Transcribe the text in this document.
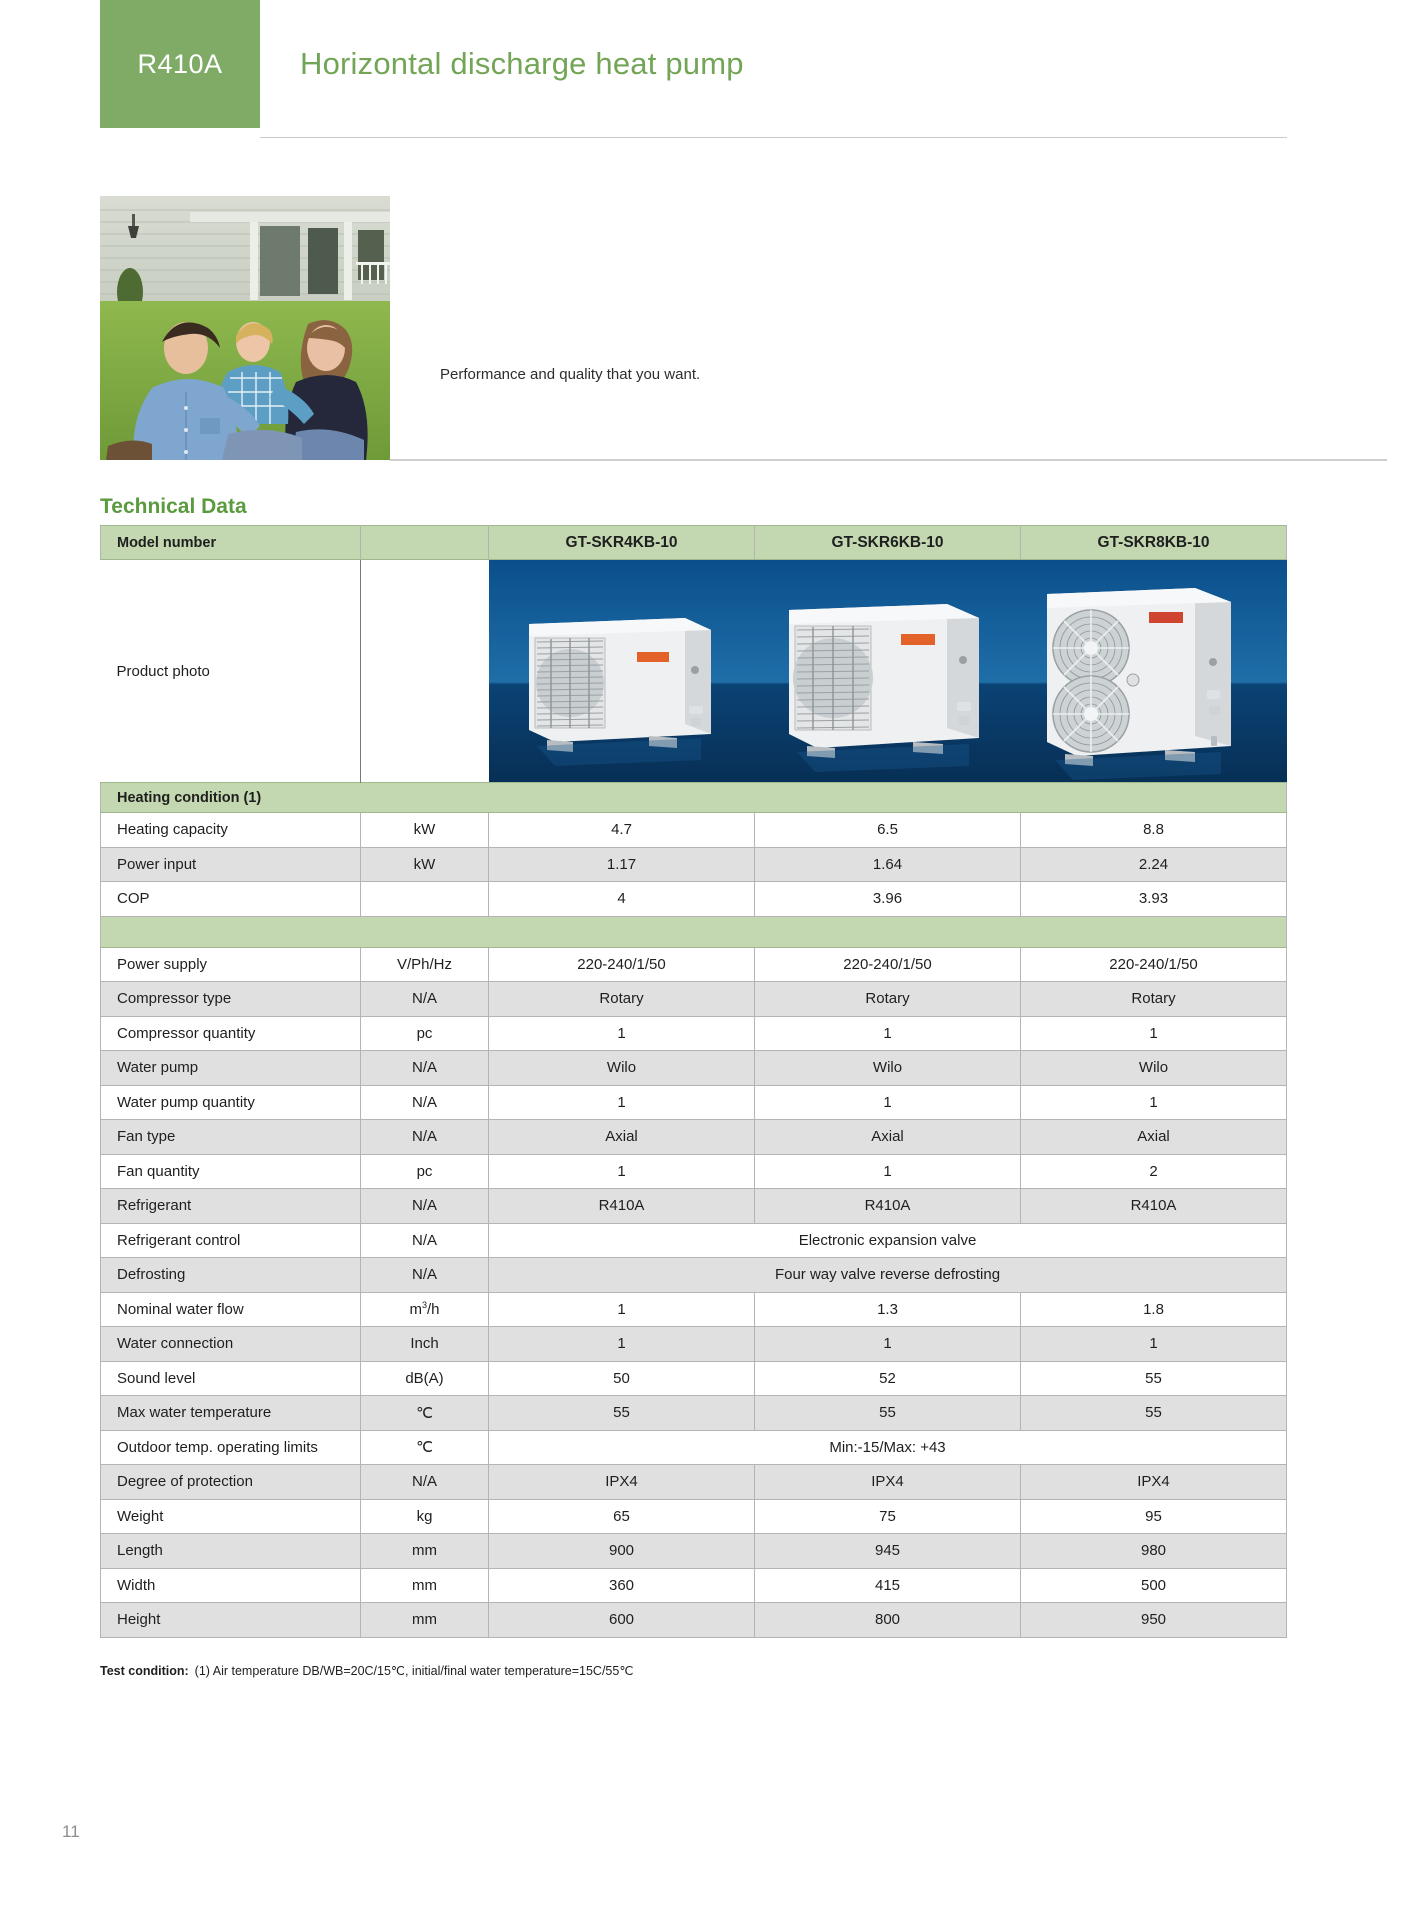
R410A Horizontal discharge heat pump
Performance and quality that you want.
Technical Data
Model number		GT-SKR4KB-10	GT-SKR6KB-10	GT-SKR8KB-10
Product photo		

Heating condition (1)				
Heating capacity	kW	4.7	6.5	8.8
Power input	kW	1.17	1.64	2.24
COP		4	3.96	3.93

Power supply	V/Ph/Hz	220-240/1/50	220-240/1/50	220-240/1/50
Compressor type	N/A	Rotary	Rotary	Rotary
Compressor quantity	pc	1	1	1
Water pump	N/A	Wilo	Wilo	Wilo
Water pump quantity	N/A	1	1	1
Fan type	N/A	Axial	Axial	Axial
Fan quantity	pc	1	1	2
Refrigerant	N/A	R410A	R410A	R410A
Refrigerant control	N/A	Electronic expansion valve		
Defrosting	N/A	Four way valve reverse defrosting		
Nominal water flow	$m^3/h$	1	1.3	1.8
Water connection	Inch	1	1	1
Sound level	dB(A)	50	52	55
Max water temperature	℃	55	55	55
Outdoor temp. operating limits	℃	Min:-15/Max: +43		
Degree of protection	N/A	IPX4	IPX4	IPX4
Weight	kg	65	75	95
Length	mm	900	945	980
Width	mm	360	415	500
Height	mm	600	800	950
Test condition: (1) Air temperature DB/WB=20C/15℃, initial/final water temperature=15C/55℃
11
